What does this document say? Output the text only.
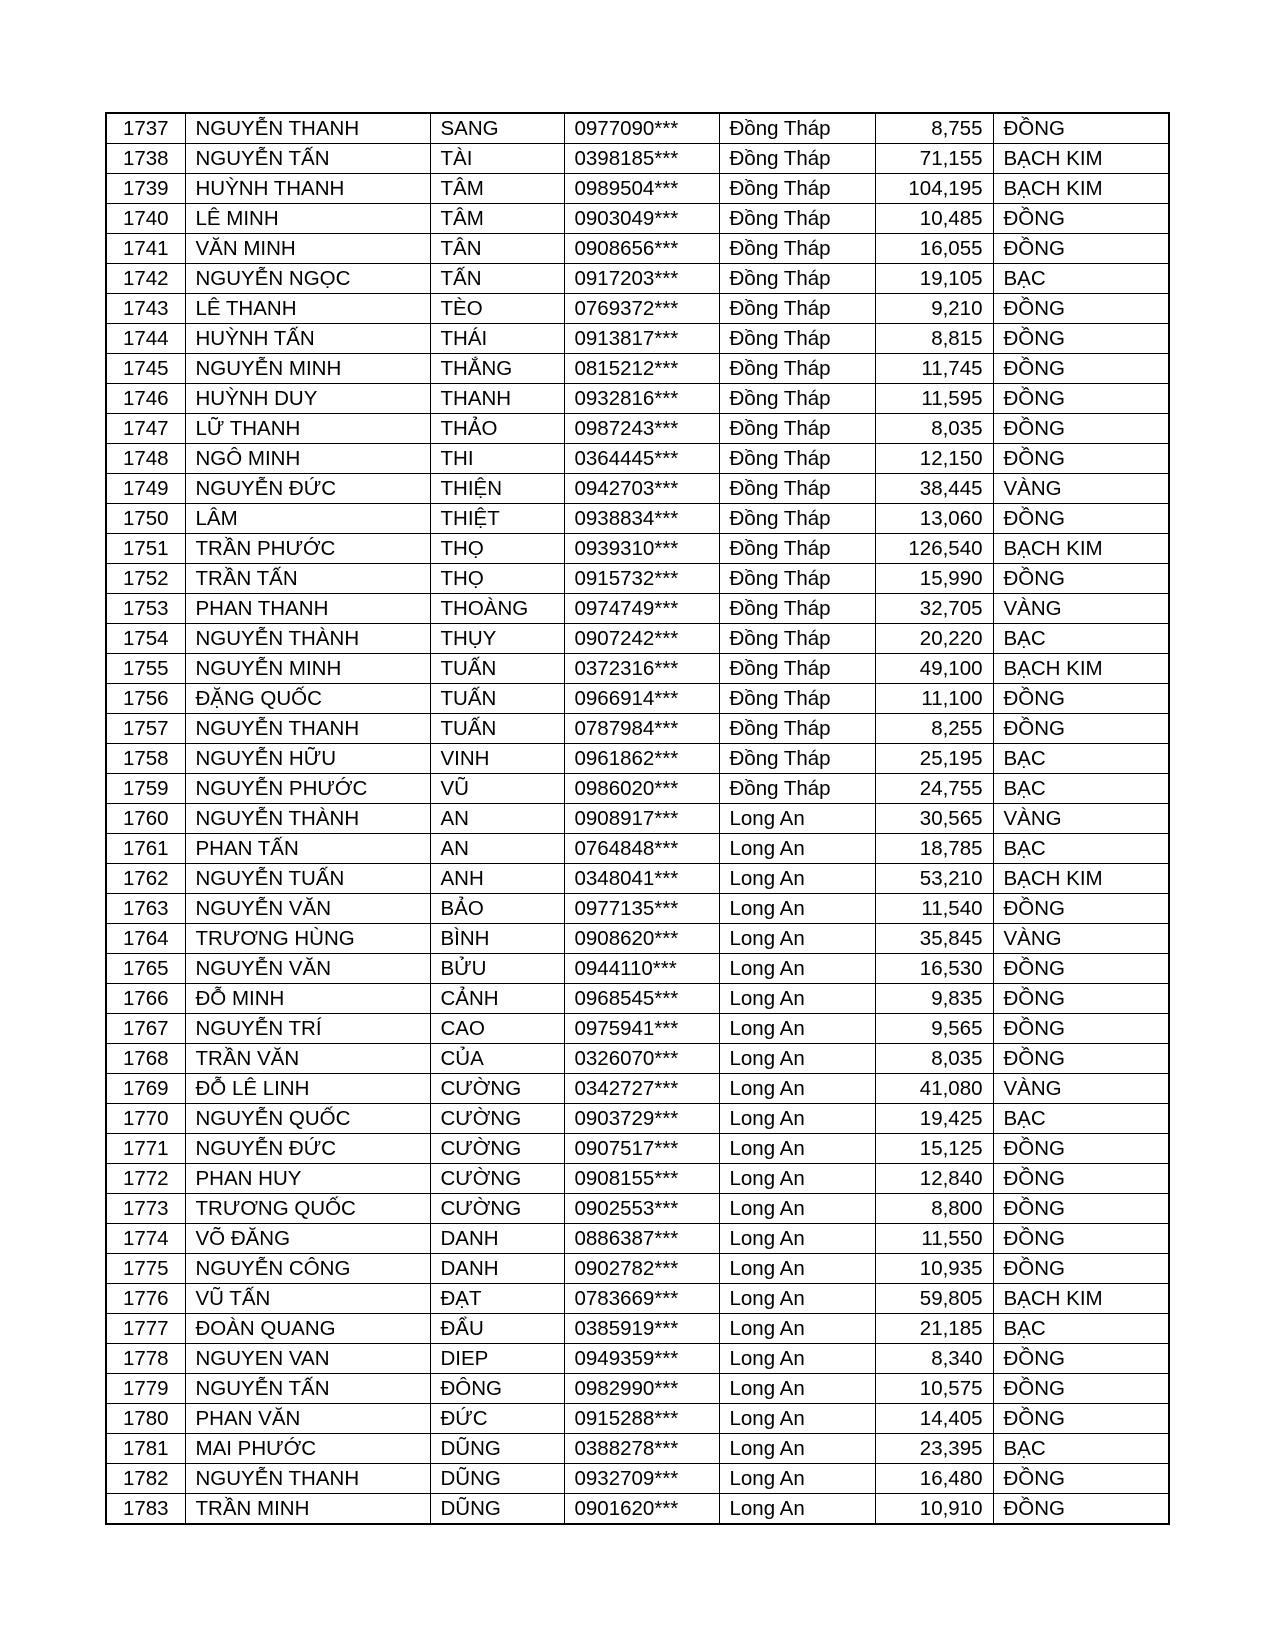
1737	NGUYỄN THANH	SANG	0977090***	Đồng Tháp	8,755	ĐỒNG
1738	NGUYỄN TẤN	TÀI	0398185***	Đồng Tháp	71,155	BẠCH KIM
1739	HUỲNH THANH	TÂM	0989504***	Đồng Tháp	104,195	BẠCH KIM
1740	LÊ MINH	TÂM	0903049***	Đồng Tháp	10,485	ĐỒNG
1741	VĂN MINH	TÂN	0908656***	Đồng Tháp	16,055	ĐỒNG
1742	NGUYỄN NGỌC	TẤN	0917203***	Đồng Tháp	19,105	BẠC
1743	LÊ THANH	TÈO	0769372***	Đồng Tháp	9,210	ĐỒNG
1744	HUỲNH TẤN	THÁI	0913817***	Đồng Tháp	8,815	ĐỒNG
1745	NGUYỄN MINH	THẮNG	0815212***	Đồng Tháp	11,745	ĐỒNG
1746	HUỲNH DUY	THANH	0932816***	Đồng Tháp	11,595	ĐỒNG
1747	LỮ THANH	THẢO	0987243***	Đồng Tháp	8,035	ĐỒNG
1748	NGÔ MINH	THI	0364445***	Đồng Tháp	12,150	ĐỒNG
1749	NGUYỄN ĐỨC	THIỆN	0942703***	Đồng Tháp	38,445	VÀNG
1750	LÂM	THIỆT	0938834***	Đồng Tháp	13,060	ĐỒNG
1751	TRẦN PHƯỚC	THỌ	0939310***	Đồng Tháp	126,540	BẠCH KIM
1752	TRẦN TẤN	THỌ	0915732***	Đồng Tháp	15,990	ĐỒNG
1753	PHAN THANH	THOÀNG	0974749***	Đồng Tháp	32,705	VÀNG
1754	NGUYỄN THÀNH	THỤY	0907242***	Đồng Tháp	20,220	BẠC
1755	NGUYỄN MINH	TUẤN	0372316***	Đồng Tháp	49,100	BẠCH KIM
1756	ĐẶNG QUỐC	TUẤN	0966914***	Đồng Tháp	11,100	ĐỒNG
1757	NGUYỄN THANH	TUẤN	0787984***	Đồng Tháp	8,255	ĐỒNG
1758	NGUYỄN HỮU	VINH	0961862***	Đồng Tháp	25,195	BẠC
1759	NGUYỄN PHƯỚC	VŨ	0986020***	Đồng Tháp	24,755	BẠC
1760	NGUYỄN THÀNH	AN	0908917***	Long An	30,565	VÀNG
1761	PHAN TẤN	AN	0764848***	Long An	18,785	BẠC
1762	NGUYỄN TUẤN	ANH	0348041***	Long An	53,210	BẠCH KIM
1763	NGUYỄN VĂN	BẢO	0977135***	Long An	11,540	ĐỒNG
1764	TRƯƠNG HÙNG	BÌNH	0908620***	Long An	35,845	VÀNG
1765	NGUYỄN VĂN	BỬU	0944110***	Long An	16,530	ĐỒNG
1766	ĐỖ MINH	CẢNH	0968545***	Long An	9,835	ĐỒNG
1767	NGUYỄN TRÍ	CAO	0975941***	Long An	9,565	ĐỒNG
1768	TRẦN VĂN	CỦA	0326070***	Long An	8,035	ĐỒNG
1769	ĐỖ LÊ LINH	CƯỜNG	0342727***	Long An	41,080	VÀNG
1770	NGUYỄN QUỐC	CƯỜNG	0903729***	Long An	19,425	BẠC
1771	NGUYỄN ĐỨC	CƯỜNG	0907517***	Long An	15,125	ĐỒNG
1772	PHAN HUY	CƯỜNG	0908155***	Long An	12,840	ĐỒNG
1773	TRƯƠNG QUỐC	CƯỜNG	0902553***	Long An	8,800	ĐỒNG
1774	VÕ ĐĂNG	DANH	0886387***	Long An	11,550	ĐỒNG
1775	NGUYỄN CÔNG	DANH	0902782***	Long An	10,935	ĐỒNG
1776	VŨ TẤN	ĐẠT	0783669***	Long An	59,805	BẠCH KIM
1777	ĐOÀN QUANG	ĐẨU	0385919***	Long An	21,185	BẠC
1778	NGUYEN VAN	DIEP	0949359***	Long An	8,340	ĐỒNG
1779	NGUYỄN TẤN	ĐÔNG	0982990***	Long An	10,575	ĐỒNG
1780	PHAN VĂN	ĐỨC	0915288***	Long An	14,405	ĐỒNG
1781	MAI PHƯỚC	DŨNG	0388278***	Long An	23,395	BẠC
1782	NGUYỄN THANH	DŨNG	0932709***	Long An	16,480	ĐỒNG
1783	TRẦN MINH	DŨNG	0901620***	Long An	10,910	ĐỒNG
